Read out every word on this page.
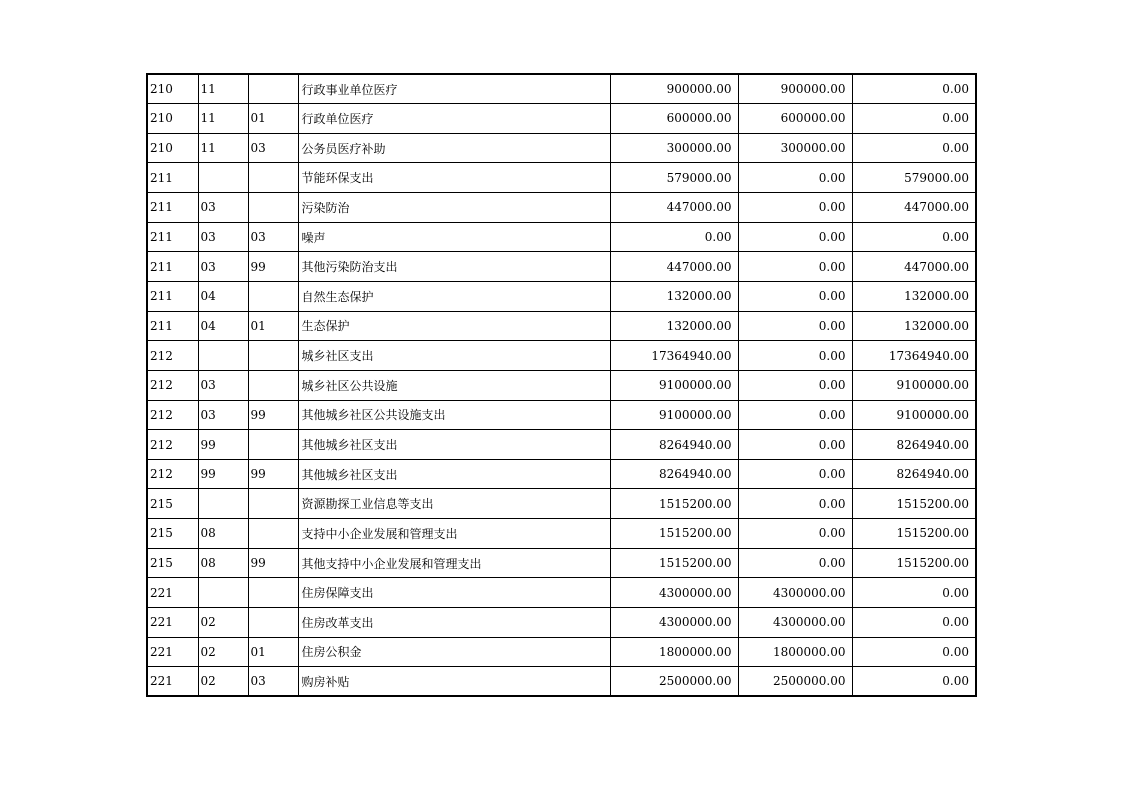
210	11		行政事业单位医疗	900000.00	900000.00	0.00
210	11	01	行政单位医疗	600000.00	600000.00	0.00
210	11	03	公务员医疗补助	300000.00	300000.00	0.00
211			节能环保支出	579000.00	0.00	579000.00
211	03		污染防治	447000.00	0.00	447000.00
211	03	03	噪声	0.00	0.00	0.00
211	03	99	其他污染防治支出	447000.00	0.00	447000.00
211	04		自然生态保护	132000.00	0.00	132000.00
211	04	01	生态保护	132000.00	0.00	132000.00
212			城乡社区支出	17364940.00	0.00	17364940.00
212	03		城乡社区公共设施	9100000.00	0.00	9100000.00
212	03	99	其他城乡社区公共设施支出	9100000.00	0.00	9100000.00
212	99		其他城乡社区支出	8264940.00	0.00	8264940.00
212	99	99	其他城乡社区支出	8264940.00	0.00	8264940.00
215			资源勘探工业信息等支出	1515200.00	0.00	1515200.00
215	08		支持中小企业发展和管理支出	1515200.00	0.00	1515200.00
215	08	99	其他支持中小企业发展和管理支出	1515200.00	0.00	1515200.00
221			住房保障支出	4300000.00	4300000.00	0.00
221	02		住房改革支出	4300000.00	4300000.00	0.00
221	02	01	住房公积金	1800000.00	1800000.00	0.00
221	02	03	购房补贴	2500000.00	2500000.00	0.00
